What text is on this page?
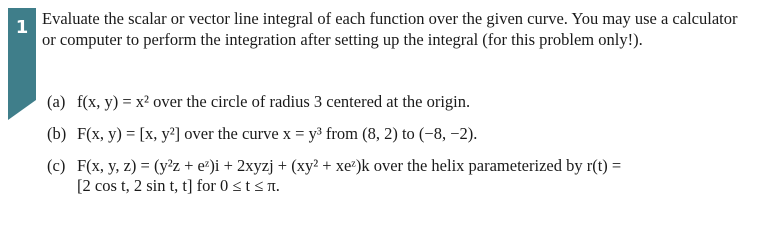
1 Evaluate the scalar or vector line integral of each function over the given curve. You may use a calculator or computer to perform the integration after setting up the integral (for this problem only!).

(a) f(x, y) = x² over the circle of radius 3 centered at the origin.

(b) F(x, y) = [x, y²] over the curve x = y³ from (8, 2) to (−8, −2).

(c) F(x, y, z) = (y²z + eᶻ)i + 2xyzj + (xy² + xeᶻ)k over the helix parameterized by r(t) =
[2 cos t, 2 sin t, t] for 0 ≤ t ≤ π.
